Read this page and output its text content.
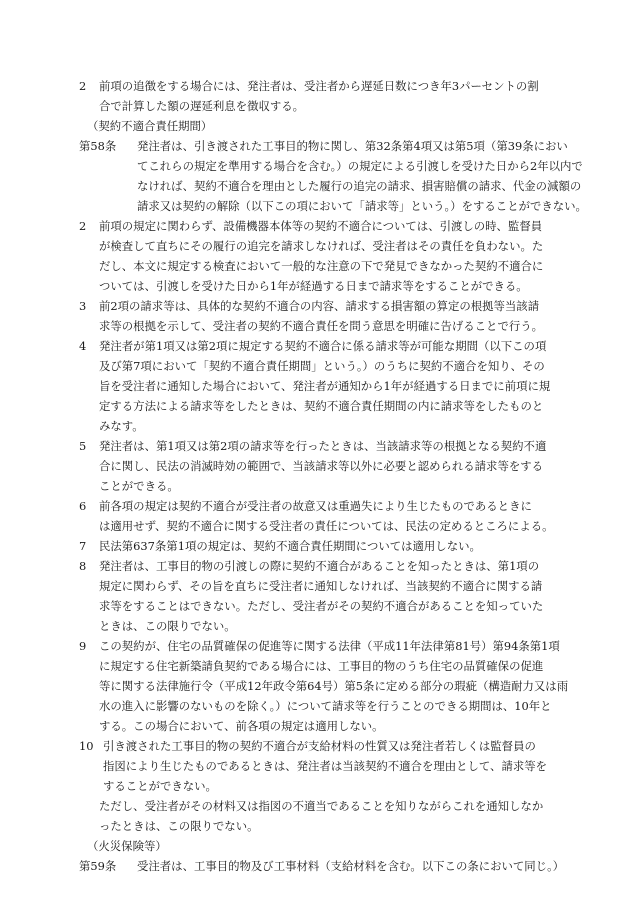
2	前項の追徴をする場合には、発注者は、受注者から遅延日数につき年3パーセントの割
合で計算した額の遅延利息を徴収する。
（契約不適合責任期間）
第58条	発注者は、引き渡された工事目的物に関し、第32条第4項又は第5項（第39条におい
てこれらの規定を準用する場合を含む。）の規定による引渡しを受けた日から2年以内で
なければ、契約不適合を理由とした履行の追完の請求、損害賠償の請求、代金の減額の
請求又は契約の解除（以下この項において「請求等」という。）をすることができない。
2	前項の規定に関わらず、設備機器本体等の契約不適合については、引渡しの時、監督員
が検査して直ちにその履行の追完を請求しなければ、受注者はその責任を負わない。た
だし、本文に規定する検査において一般的な注意の下で発見できなかった契約不適合に
ついては、引渡しを受けた日から1年が経過する日まで請求等をすることができる。
3	前2項の請求等は、具体的な契約不適合の内容、請求する損害額の算定の根拠等当該請
求等の根拠を示して、受注者の契約不適合責任を問う意思を明確に告げることで行う。
4	発注者が第1項又は第2項に規定する契約不適合に係る請求等が可能な期間（以下この項
及び第7項において「契約不適合責任期間」という。）のうちに契約不適合を知り、その
旨を受注者に通知した場合において、発注者が通知から1年が経過する日までに前項に規
定する方法による請求等をしたときは、契約不適合責任期間の内に請求等をしたものと
みなす。
5	発注者は、第1項又は第2項の請求等を行ったときは、当該請求等の根拠となる契約不適
合に関し、民法の消滅時効の範囲で、当該請求等以外に必要と認められる請求等をする
ことができる。
6	前各項の規定は契約不適合が受注者の故意又は重過失により生じたものであるときに
は適用せず、契約不適合に関する受注者の責任については、民法の定めるところによる。
7	民法第637条第1項の規定は、契約不適合責任期間については適用しない。
8	発注者は、工事目的物の引渡しの際に契約不適合があることを知ったときは、第1項の
規定に関わらず、その旨を直ちに受注者に通知しなければ、当該契約不適合に関する請
求等をすることはできない。ただし、受注者がその契約不適合があることを知っていた
ときは、この限りでない。
9	この契約が、住宅の品質確保の促進等に関する法律（平成11年法律第81号）第94条第1項
に規定する住宅新築請負契約である場合には、工事目的物のうち住宅の品質確保の促進
等に関する法律施行令（平成12年政令第64号）第5条に定める部分の瑕疵（構造耐力又は雨
水の進入に影響のないものを除く。）について請求等を行うことのできる期間は、10年と
する。この場合において、前各項の規定は適用しない。
10 引き渡された工事目的物の契約不適合が支給材料の性質又は発注者若しくは監督員の
指図により生じたものであるときは、発注者は当該契約不適合を理由として、請求等を
することができない。
ただし、受注者がその材料又は指図の不適当であることを知りながらこれを通知しなか
ったときは、この限りでない。
（火災保険等）
第59条	受注者は、工事目的物及び工事材料（支給材料を含む。以下この条において同じ。）
